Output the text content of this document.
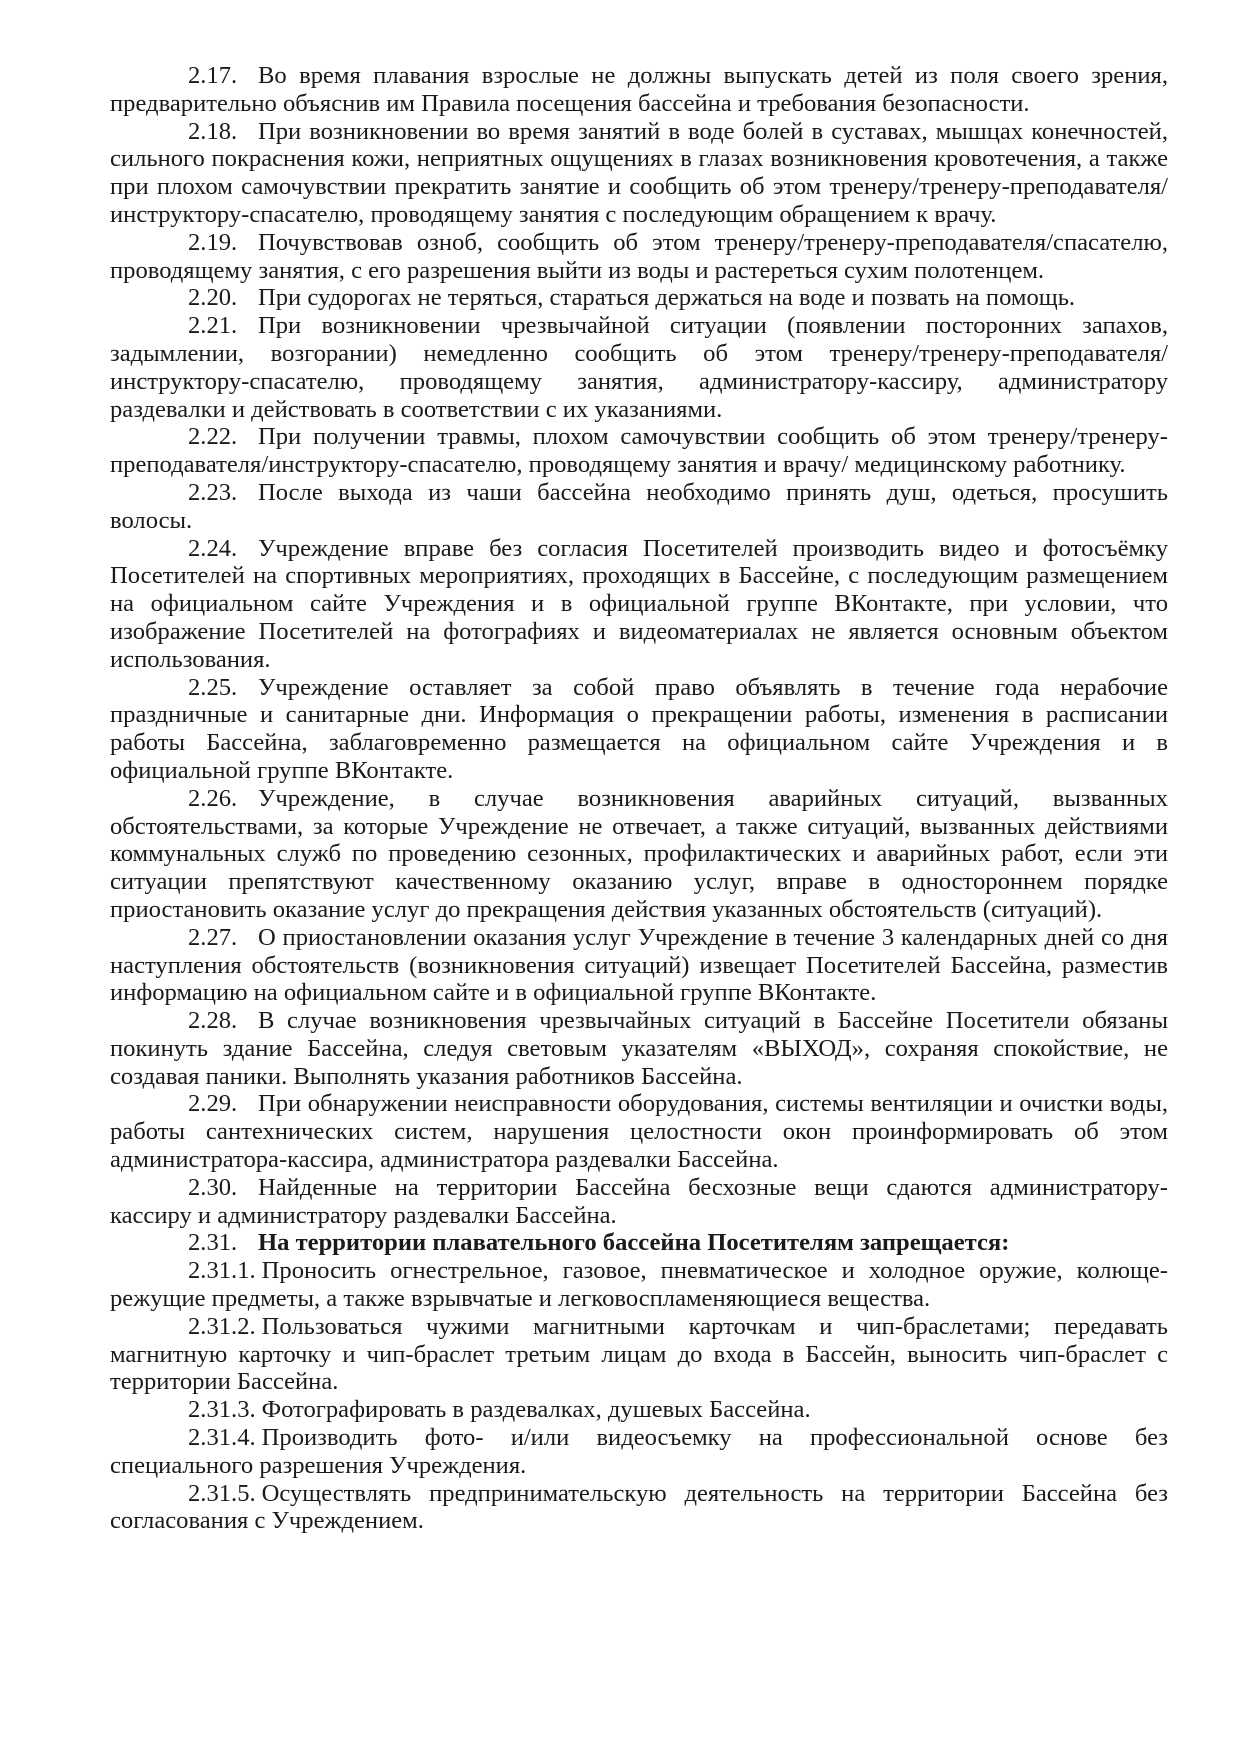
2.17. Во время плавания взрослые не должны выпускать детей из поля своего зрения, предварительно объяснив им Правила посещения бассейна и требования безопасности.

2.18. При возникновении во время занятий в воде болей в суставах, мышцах конечностей, сильного покраснения кожи, неприятных ощущениях в глазах возникновения кровотечения, а также при плохом самочувствии прекратить занятие и сообщить об этом тренеру/тренеру-преподавателя/инструктору-спасателю, проводящему занятия с последующим обращением к врачу.

2.19. Почувствовав озноб, сообщить об этом тренеру/тренеру-преподавателя/спасателю, проводящему занятия, с его разрешения выйти из воды и растереться сухим полотенцем.

2.20. При судорогах не теряться, стараться держаться на воде и позвать на помощь.

2.21. При возникновении чрезвычайной ситуации (появлении посторонних запахов, задымлении, возгорании) немедленно сообщить об этом тренеру/тренеру-преподавателя/инструктору-спасателю, проводящему занятия, администратору-кассиру, администратору раздевалки и действовать в соответствии с их указаниями.

2.22. При получении травмы, плохом самочувствии сообщить об этом тренеру/тренеру-преподавателя/инструктору-спасателю, проводящему занятия и врачу/ медицинскому работнику.

2.23. После выхода из чаши бассейна необходимо принять душ, одеться, просушить волосы.

2.24. Учреждение вправе без согласия Посетителей производить видео и фотосъёмку Посетителей на спортивных мероприятиях, проходящих в Бассейне, с последующим размещением на официальном сайте Учреждения и в официальной группе ВКонтакте, при условии, что изображение Посетителей на фотографиях и видеоматериалах не является основным объектом использования.

2.25. Учреждение оставляет за собой право объявлять в течение года нерабочие праздничные и санитарные дни. Информация о прекращении работы, изменения в расписании работы Бассейна, заблаговременно размещается на официальном сайте Учреждения и в официальной группе ВКонтакте.

2.26. Учреждение, в случае возникновения аварийных ситуаций, вызванных обстоятельствами, за которые Учреждение не отвечает, а также ситуаций, вызванных действиями коммунальных служб по проведению сезонных, профилактических и аварийных работ, если эти ситуации препятствуют качественному оказанию услуг, вправе в одностороннем порядке приостановить оказание услуг до прекращения действия указанных обстоятельств (ситуаций).

2.27. О приостановлении оказания услуг Учреждение в течение 3 календарных дней со дня наступления обстоятельств (возникновения ситуаций) извещает Посетителей Бассейна, разместив информацию на официальном сайте и в официальной группе ВКонтакте.

2.28. В случае возникновения чрезвычайных ситуаций в Бассейне Посетители обязаны покинуть здание Бассейна, следуя световым указателям «ВЫХОД», сохраняя спокойствие, не создавая паники. Выполнять указания работников Бассейна.

2.29. При обнаружении неисправности оборудования, системы вентиляции и очистки воды, работы сантехнических систем, нарушения целостности окон проинформировать об этом администратора-кассира, администратора раздевалки Бассейна.

2.30. Найденные на территории Бассейна бесхозные вещи сдаются администратору-кассиру и администратору раздевалки Бассейна.

2.31. На территории плавательного бассейна Посетителям запрещается:

2.31.1. Проносить огнестрельное, газовое, пневматическое и холодное оружие, колюще-режущие предметы, а также взрывчатые и легковоспламеняющиеся вещества.

2.31.2. Пользоваться чужими магнитными карточкам и чип-браслетами; передавать магнитную карточку и чип-браслет третьим лицам до входа в Бассейн, выносить чип-браслет с территории Бассейна.

2.31.3. Фотографировать в раздевалках, душевых Бассейна.

2.31.4. Производить фото- и/или видеосъемку на профессиональной основе без специального разрешения Учреждения.

2.31.5. Осуществлять предпринимательскую деятельность на территории Бассейна без согласования с Учреждением.
